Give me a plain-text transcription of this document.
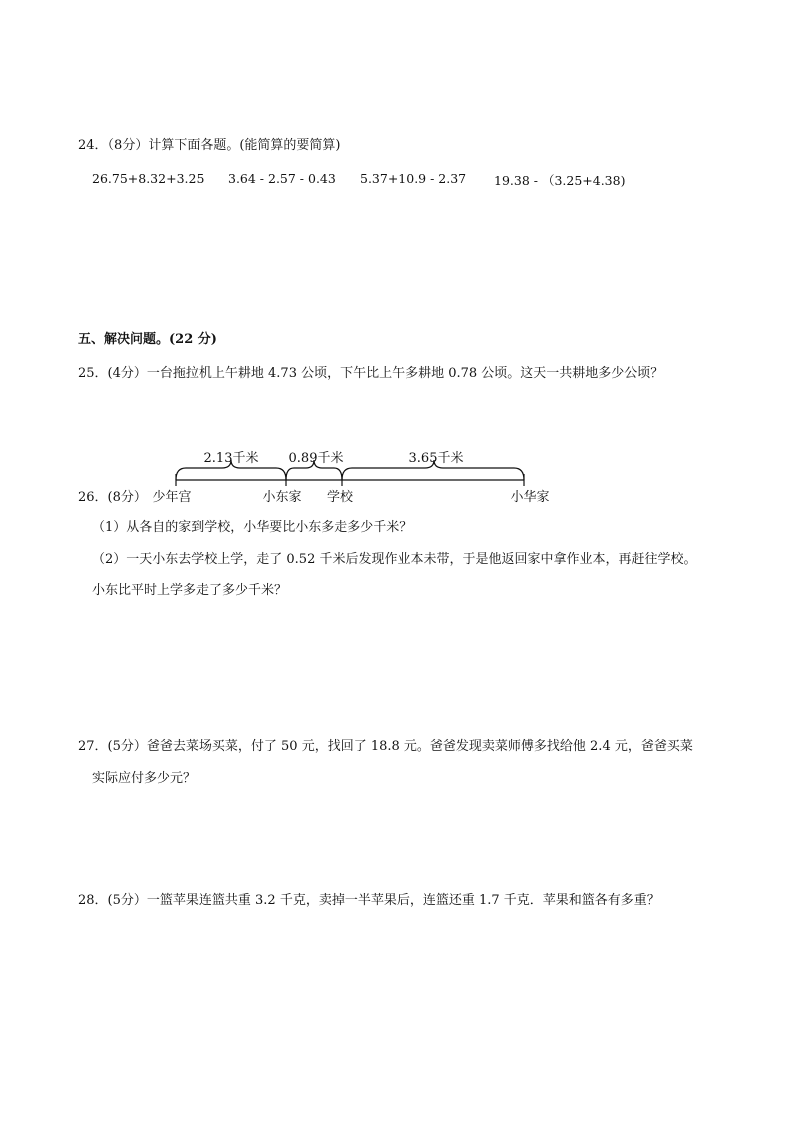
24．（8分）计算下面各题。(能简算的要简算)
26.75+8.32+3.25 3.64 - 2.57 - 0.43 5.37+10.9 - 2.37 19.38 - （3.25+4.38)
五、解决问题。(22 分)
25．(4分）一台拖拉机上午耕地 4.73 公顷，下午比上午多耕地 0.78 公顷。这天一共耕地多少公顷？
2.13千米 0.89千米	3.65千米
少年宫	小东家 学校	小华家
26．(8分）
（1）从各自的家到学校，小华要比小东多走多少千米？
（2）一天小东去学校上学，走了 0.52 千米后发现作业本未带，于是他返回家中拿作业本，再赶往学校。
小东比平时上学多走了多少千米？
27．(5分）爸爸去菜场买菜，付了 50 元，找回了 18.8 元。爸爸发现卖菜师傅多找给他 2.4 元，爸爸买菜
实际应付多少元？
28．(5分）一篮苹果连篮共重 3.2 千克，卖掉一半苹果后，连篮还重 1.7 千克．苹果和篮各有多重？
